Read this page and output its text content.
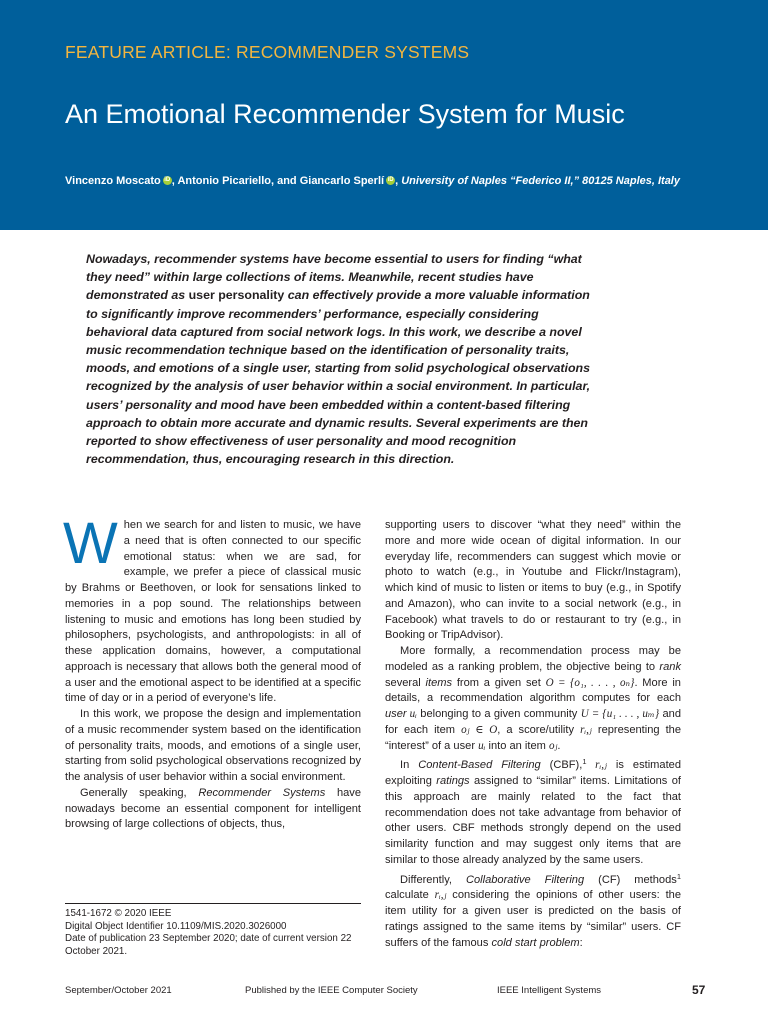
FEATURE ARTICLE: RECOMMENDER SYSTEMS
An Emotional Recommender System for Music
Vincenzo Moscato iD , Antonio Picariello, and Giancarlo Sperlí iD , University of Naples “Federico II,” 80125 Naples, Italy
Nowadays, recommender systems have become essential to users for finding “what they need” within large collections of items. Meanwhile, recent studies have demonstrated as user personality can effectively provide a more valuable information to significantly improve recommenders’ performance, especially considering behavioral data captured from social network logs. In this work, we describe a novel music recommendation technique based on the identification of personality traits, moods, and emotions of a single user, starting from solid psychological observations recognized by the analysis of user behavior within a social environment. In particular, users’ personality and mood have been embedded within a content-based filtering approach to obtain more accurate and dynamic results. Several experiments are then reported to show effectiveness of user personality and mood recognition recommendation, thus, encouraging research in this direction.

When we search for and listen to music, we have a need that is often connected to our specific emotional status: when we are sad, for example, we prefer a piece of classical music by Brahms or Beethoven, or look for sensations linked to memories in a pop sound. The relationships between listening to music and emotions has long been studied by philosophers, psychologists, and anthropologists: in all of these application domains, however, a computational approach is necessary that allows both the general mood of a user and the emotional aspect to be identified at a specific time of day or in a period of everyone’s life.

In this work, we propose the design and implementation of a music recommender system based on the identification of personality traits, moods, and emotions of a single user, starting from solid psychological observations recognized by the analysis of user behavior within a social environment.

Generally speaking, Recommender Systems have nowadays become an essential component for intelligent browsing of large collections of objects, thus,

1541-1672 © 2020 IEEE
Digital Object Identifier 10.1109/MIS.2020.3026000
Date of publication 23 September 2020; date of current version 22 October 2021.

supporting users to discover “what they need” within the more and more wide ocean of digital information. In our everyday life, recommenders can suggest which movie or photo to watch (e.g., in Youtube and Flickr/Instagram), which kind of music to listen or items to buy (e.g., in Spotify and Amazon), who can invite to a social network (e.g., in Facebook) what travels to do or restaurant to try (e.g., in Booking or TripAdvisor).

More formally, a recommendation process may be modeled as a ranking problem, the objective being to rank several items from a given set O = {o₁, . . . , oₙ}. More in details, a recommendation algorithm computes for each user uᵢ belonging to a given community U = {u₁ . . . , uₘ} and for each item oⱼ ∈ O, a score/utility rᵢ,ⱼ representing the “interest” of a user uᵢ into an item oⱼ.

In Content-Based Filtering (CBF),$^1$ rᵢ,ⱼ is estimated exploiting ratings assigned to “similar” items. Limitations of this approach are mainly related to the fact that recommendation does not take advantage from behavior of other users. CBF methods strongly depend on the used similarity function and may suggest only items that are similar to those already analyzed by the same users.

Differently, Collaborative Filtering (CF) methods$^1$ calculate rᵢ,ⱼ considering the opinions of other users: the item utility for a given user is predicted on the basis of ratings assigned to the same items by “similar” users. CF suffers of the famous cold start problem:

September/October 2021	Published by the IEEE Computer Society	IEEE Intelligent Systems	57
